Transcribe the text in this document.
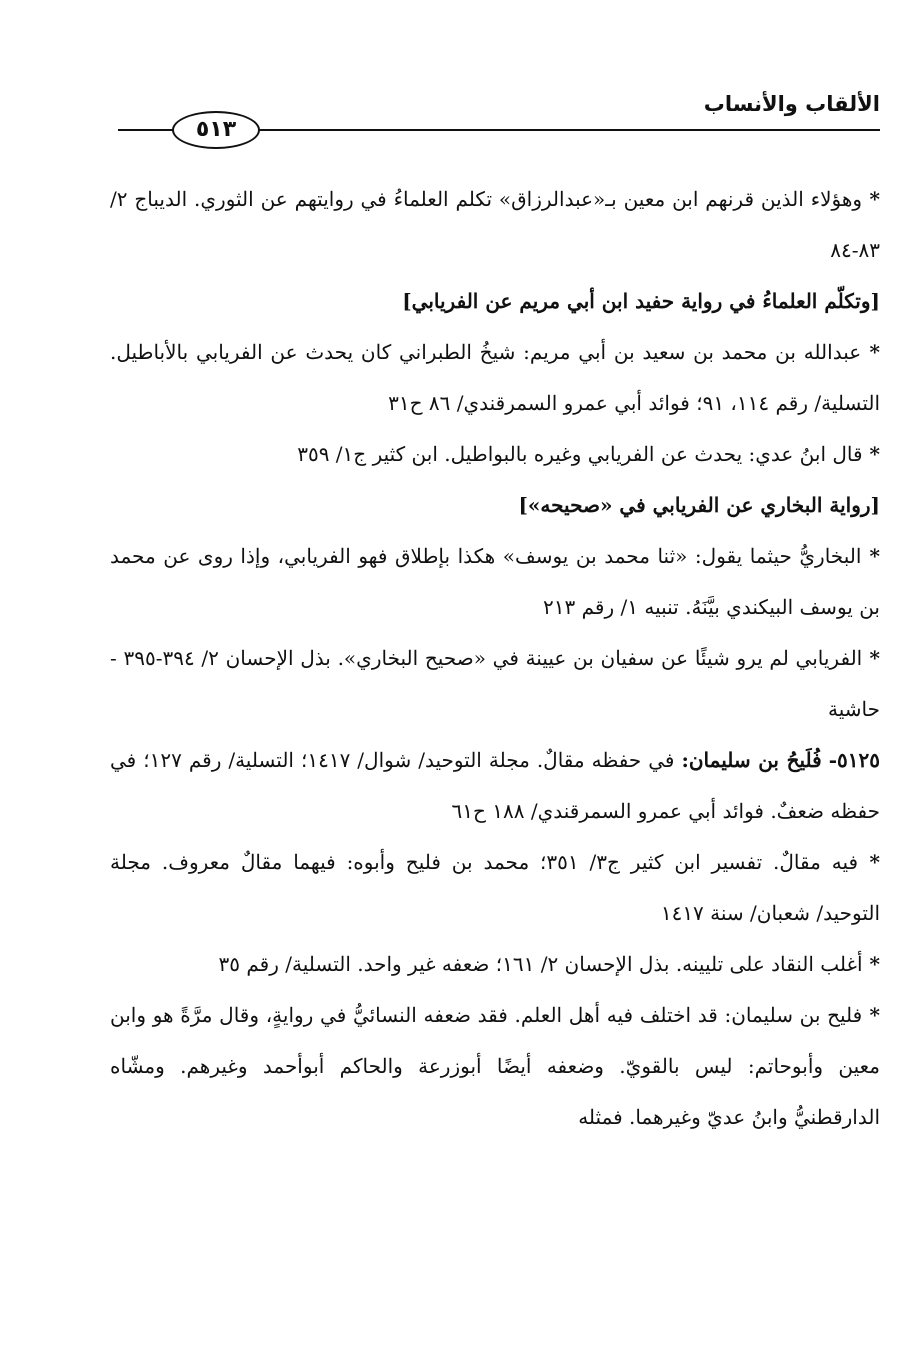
الألقاب والأنساب
٥١٣

* وهؤلاء الذين قرنهم ابن معين بـ«عبدالرزاق» تكلم العلماءُ في روايتهم عن الثوري. الديباج ٢/ ٨٣-٨٤

[وتكلّم العلماءُ في رواية حفيد ابن أبي مريم عن الفريابي]

* عبدالله بن محمد بن سعيد بن أبي مريم: شيخُ الطبراني كان يحدث عن الفريابي بالأباطيل. التسلية/ رقم ١١٤، ٩١؛ فوائد أبي عمرو السمرقندي/ ٨٦ ح٣١

* قال ابنُ عدي: يحدث عن الفريابي وغيره بالبواطيل. ابن كثير ج١/ ٣٥٩

[رواية البخاري عن الفريابي في «صحيحه»]

* البخاريُّ حيثما يقول: «ثنا محمد بن يوسف» هكذا بإطلاق فهو الفريابي، وإذا روى عن محمد بن يوسف البيكندي بيَّنَهُ. تنبيه ١/ رقم ٢١٣

* الفريابي لم يرو شيئًا عن سفيان بن عيينة في «صحيح البخاري». بذل الإحسان ٢/ ٣٩٤-٣٩٥ - حاشية

٥١٢٥- فُلَيحُ بن سليمان: في حفظه مقالٌ. مجلة التوحيد/ شوال/ ١٤١٧؛ التسلية/ رقم ١٢٧؛ في حفظه ضعفٌ. فوائد أبي عمرو السمرقندي/ ١٨٨ ح٦١

* فيه مقالٌ. تفسير ابن كثير ج٣/ ٣٥١؛ محمد بن فليح وأبوه: فيهما مقالٌ معروف. مجلة التوحيد/ شعبان/ سنة ١٤١٧

* أغلب النقاد على تليينه. بذل الإحسان ٢/ ١٦١؛ ضعفه غير واحد. التسلية/ رقم ٣٥

* فليح بن سليمان: قد اختلف فيه أهل العلم. فقد ضعفه النسائيُّ في روايةٍ، وقال مرَّةً هو وابن معين وأبوحاتم: ليس بالقويّ. وضعفه أيضًا أبوزرعة والحاكم أبوأحمد وغيرهم. ومشّاه الدارقطنيُّ وابنُ عديّ وغيرهما. فمثله
